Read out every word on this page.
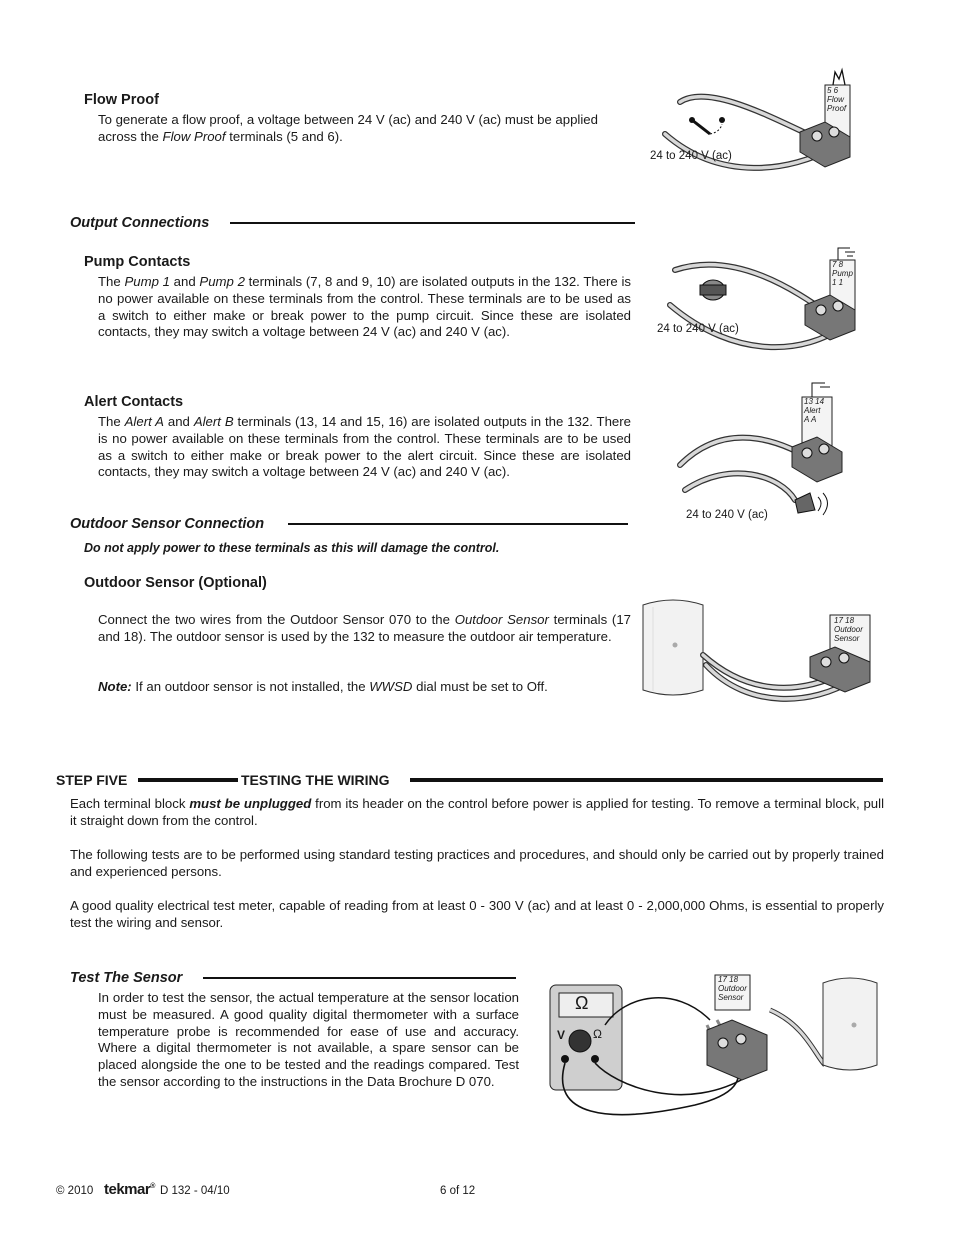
Flow Proof
To generate a flow proof, a voltage between 24 V (ac) and 240 V (ac) must be applied across the Flow Proof terminals (5 and 6).
24 to 240 V (ac)
5 6
Flow
Proof
Output Connections
Pump Contacts
The Pump 1 and Pump 2 terminals (7, 8 and 9, 10) are isolated outputs in the 132. There is no power available on these terminals from the control. These terminals are to be used as a switch to either make or break power to the pump circuit. Since these are isolated contacts, they may switch a voltage between 24 V (ac) and 240 V (ac).	24 to 240 V (ac)
7 8
Pump
1 1
Alert Contacts
The Alert A and Alert B terminals (13, 14 and 15, 16) are isolated outputs in the 132. There is no power available on these terminals from the control. These terminals are to be used as a switch to either make or break power to the alert circuit. Since these are isolated contacts, they may switch a voltage between 24 V (ac) and 240 V (ac).
24 to 240 V (ac)
13 14
Alert
A A
Outdoor Sensor Connection
Do not apply power to these terminals as this will damage the control.
Outdoor Sensor (Optional)
Connect the two wires from the Outdoor Sensor 070 to the Outdoor Sensor terminals (17 and 18). The outdoor sensor is used by the 132 to measure the outdoor air temperature.
Note: If an outdoor sensor is not installed, the WWSD dial must be set to Off.
17 18
Outdoor
Sensor
STEP FIVE	TESTING THE WIRING
Each terminal block must be unplugged from its header on the control before power is applied for testing. To remove a terminal block, pull it straight down from the control.
The following tests are to be performed using standard testing practices and procedures, and should only be carried out by properly trained and experienced persons.
A good quality electrical test meter, capable of reading from at least 0 - 300 V (ac) and at least 0 - 2,000,000 Ohms, is essential to properly test the wiring and sensor.
Test The Sensor
In order to test the sensor, the actual temperature at the sensor location must be measured. A good quality digital thermometer with a surface temperature probe is recommended for ease of use and accuracy. Where a digital thermometer is not available, a spare sensor can be placed alongside the one to be tested and the readings compared. Test the sensor according to the instructions in the Data Brochure D 070.
Ω
V Ω
17 18
Outdoor
Sensor
© 2010 tekmar® D 132 - 04/10	6 of 12
